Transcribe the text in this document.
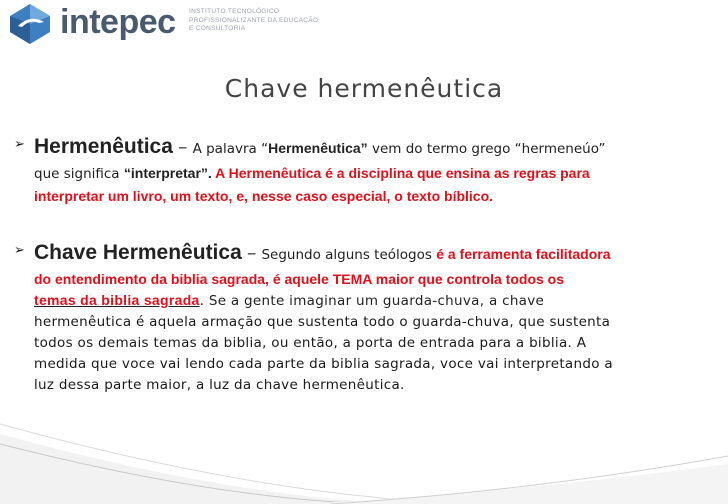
intepec INSTITUTO TECNOLÓGICO
PROFISSIONALIZANTE DA EDUCAÇÃO
E CONSULTORIA
Chave hermenêutica
➢ Hermenêutica – A palavra “Hermenêutica” vem do termo grego “hermeneúo”
que significa “interpretar”. A Hermenêutica é a disciplina que ensina as regras para
interpretar um livro, um texto, e, nesse caso especial, o texto bíblico.
➢ Chave Hermenêutica – Segundo alguns teólogos é a ferramenta facilitadora
do entendimento da biblia sagrada, é aquele TEMA maior que controla todos os
temas da biblia sagrada. Se a gente imaginar um guarda-chuva, a chave
hermenêutica é aquela armação que sustenta todo o guarda-chuva, que sustenta
todos os demais temas da biblia, ou então, a porta de entrada para a biblia. A
medida que voce vai lendo cada parte da biblia sagrada, voce vai interpretando a
luz dessa parte maior, a luz da chave hermenêutica.
